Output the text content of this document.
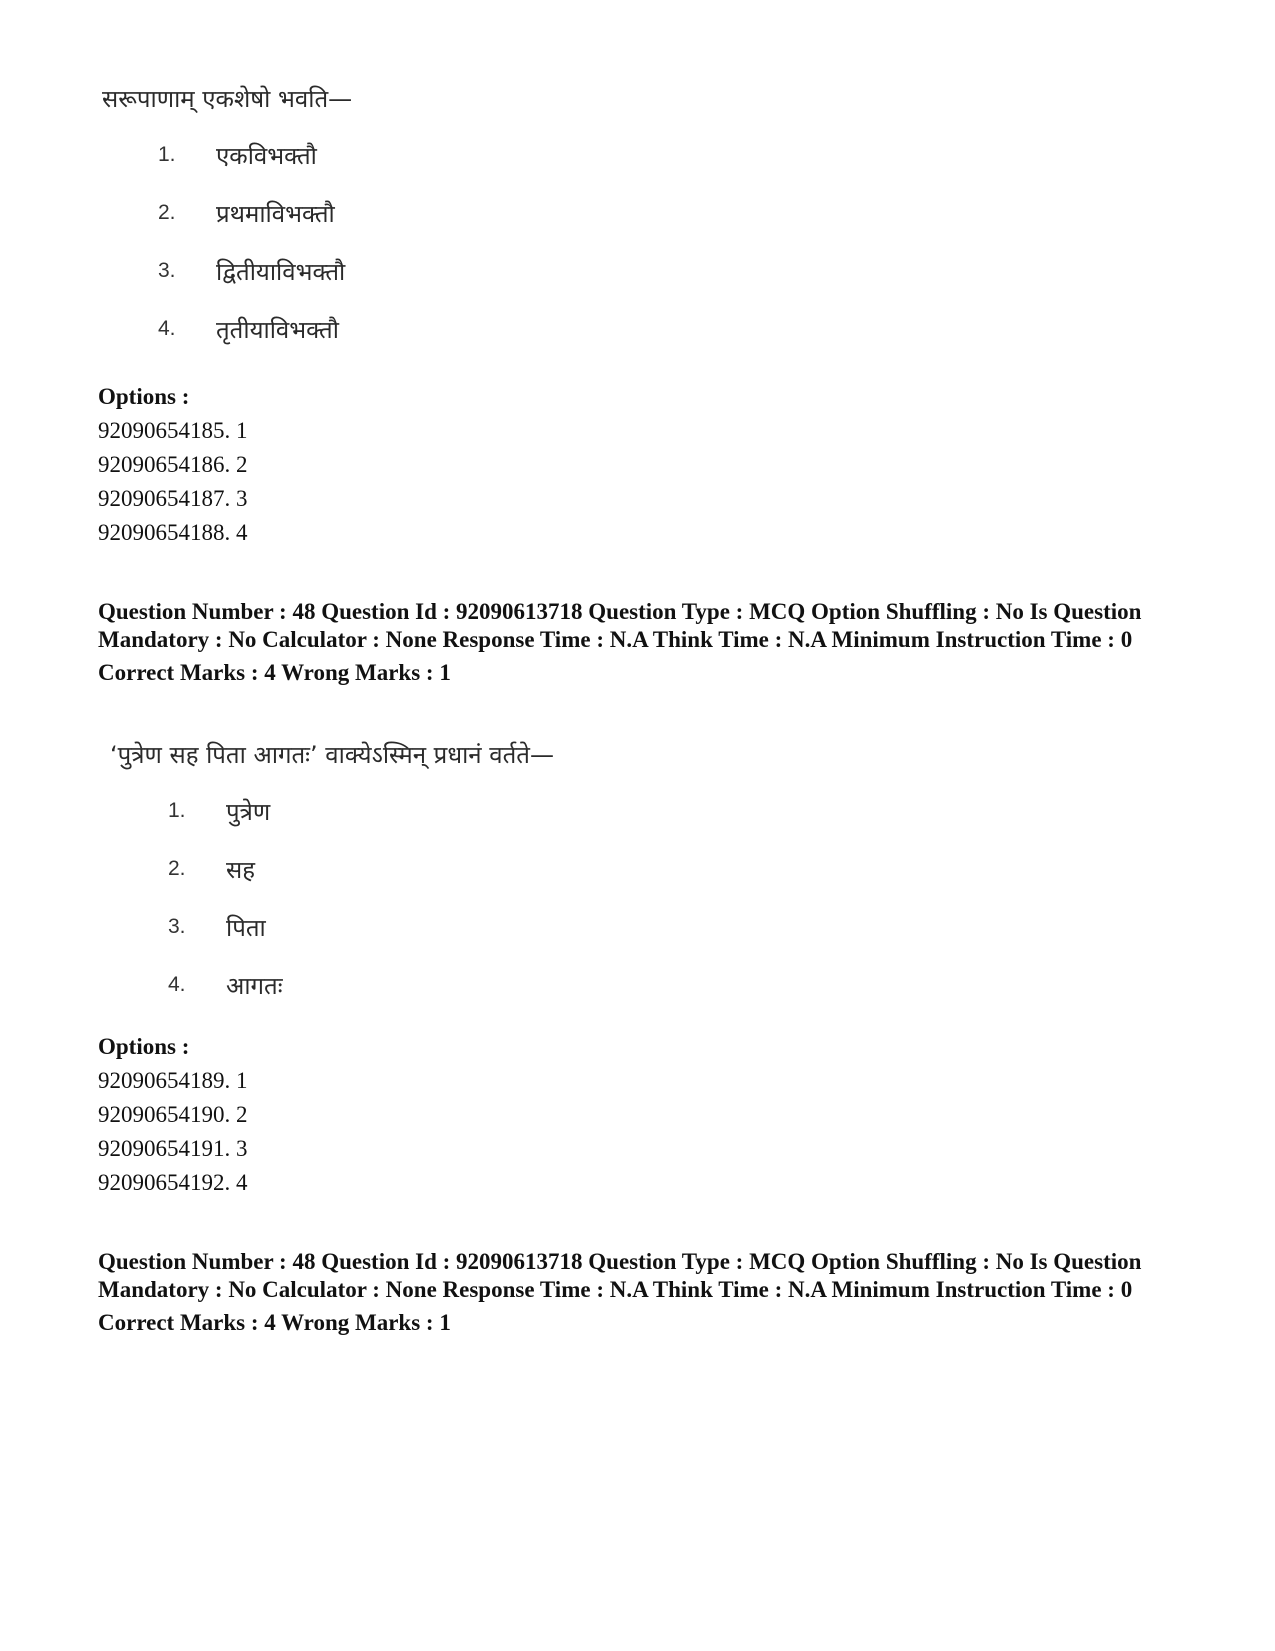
सरूपाणाम् एकशेषो भवति—
1.	एकविभक्तौ
2.	प्रथमाविभक्तौ
3.	द्वितीयाविभक्तौ
4.	तृतीयाविभक्तौ
Options :
92090654185. 1
92090654186. 2
92090654187. 3
92090654188. 4
Question Number : 48 Question Id : 92090613718 Question Type : MCQ Option Shuffling : No Is Question Mandatory : No Calculator : None Response Time : N.A Think Time : N.A Minimum Instruction Time : 0
Correct Marks : 4 Wrong Marks : 1
‘पुत्रेण सह पिता आगतः’ वाक्येऽस्मिन् प्रधानं वर्तते—
1.	पुत्रेण
2.	सह
3.	पिता
4.	आगतः
Options :
92090654189. 1
92090654190. 2
92090654191. 3
92090654192. 4
Question Number : 48 Question Id : 92090613718 Question Type : MCQ Option Shuffling : No Is Question Mandatory : No Calculator : None Response Time : N.A Think Time : N.A Minimum Instruction Time : 0
Correct Marks : 4 Wrong Marks : 1
